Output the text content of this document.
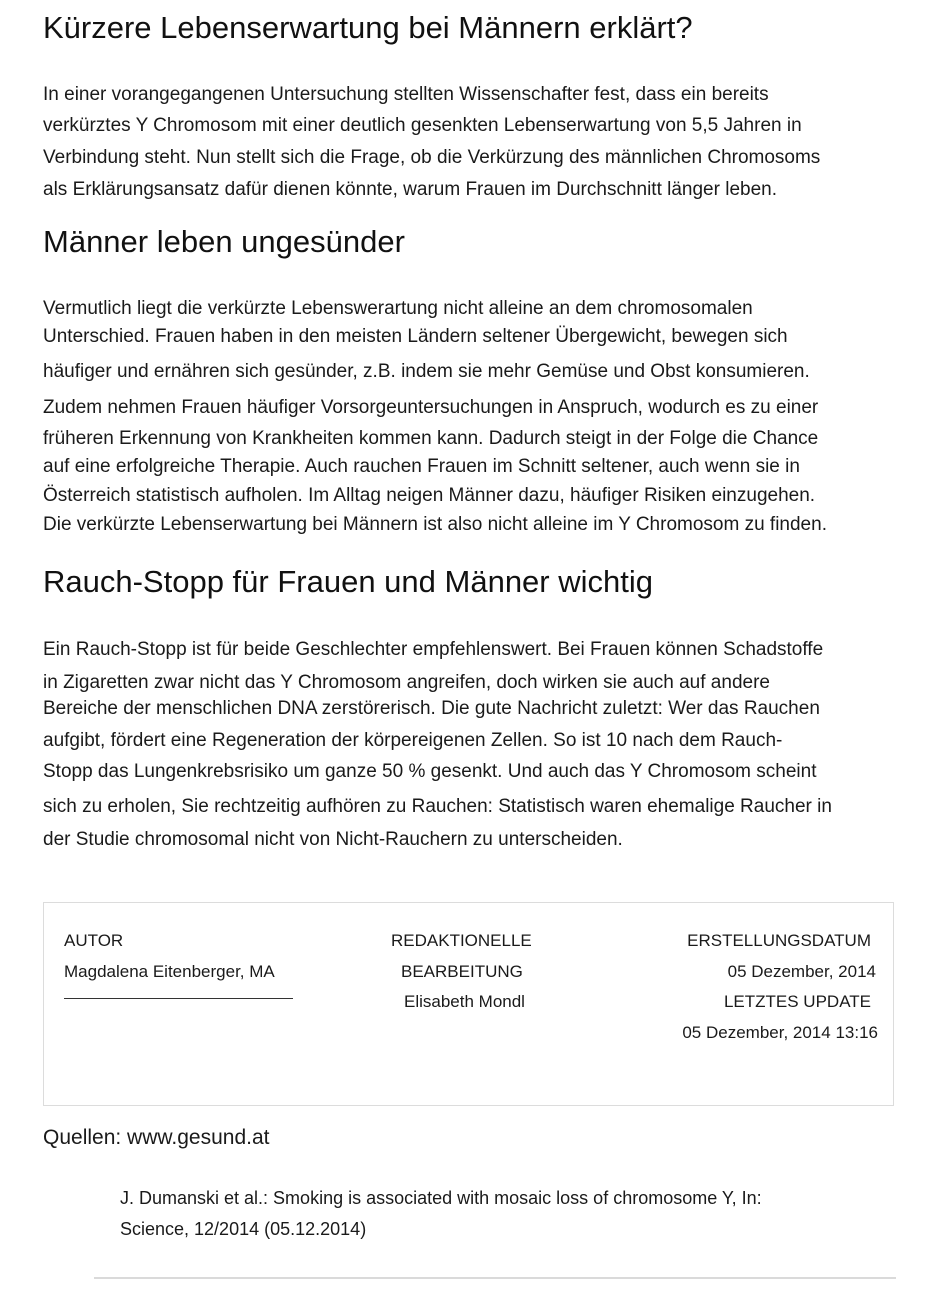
Kürzere Lebenserwartung bei Männern erklärt?
In einer vorangegangenen Untersuchung stellten Wissenschafter fest, dass ein bereits
verkürztes Y Chromosom mit einer deutlich gesenkten Lebenserwartung von 5,5 Jahren in
Verbindung steht. Nun stellt sich die Frage, ob die Verkürzung des männlichen Chromosoms
als Erklärungsansatz dafür dienen könnte, warum Frauen im Durchschnitt länger leben.
Männer leben ungesünder
Vermutlich liegt die verkürzte Lebenswerartung nicht alleine an dem chromosomalen
Unterschied. Frauen haben in den meisten Ländern seltener Übergewicht, bewegen sich
häufiger und ernähren sich gesünder, z.B. indem sie mehr Gemüse und Obst konsumieren.
Zudem nehmen Frauen häufiger Vorsorgeuntersuchungen in Anspruch, wodurch es zu einer
früheren Erkennung von Krankheiten kommen kann. Dadurch steigt in der Folge die Chance
auf eine erfolgreiche Therapie. Auch rauchen Frauen im Schnitt seltener, auch wenn sie in
Österreich statistisch aufholen. Im Alltag neigen Männer dazu, häufiger Risiken einzugehen.
Die verkürzte Lebenserwartung bei Männern ist also nicht alleine im Y Chromosom zu finden.
Rauch-Stopp für Frauen und Männer wichtig
Ein Rauch-Stopp ist für beide Geschlechter empfehlenswert. Bei Frauen können Schadstoffe
in Zigaretten zwar nicht das Y Chromosom angreifen, doch wirken sie auch auf andere
Bereiche der menschlichen DNA zerstörerisch. Die gute Nachricht zuletzt: Wer das Rauchen
aufgibt, fördert eine Regeneration der körpereigenen Zellen. So ist 10 nach dem Rauch-
Stopp das Lungenkrebsrisiko um ganze 50 % gesenkt. Und auch das Y Chromosom scheint
sich zu erholen, Sie rechtzeitig aufhören zu Rauchen: Statistisch waren ehemalige Raucher in
der Studie chromosomal nicht von Nicht-Rauchern zu unterscheiden.
AUTOR
Magdalena Eitenberger, MA
REDAKTIONELLE
BEARBEITUNG
Elisabeth Mondl
ERSTELLUNGSDATUM
05 Dezember, 2014
LETZTES UPDATE
05 Dezember, 2014 13:16
Quellen: www.gesund.at
J. Dumanski et al.: Smoking is associated with mosaic loss of chromosome Y, In:
Science, 12/2014 (05.12.2014)
